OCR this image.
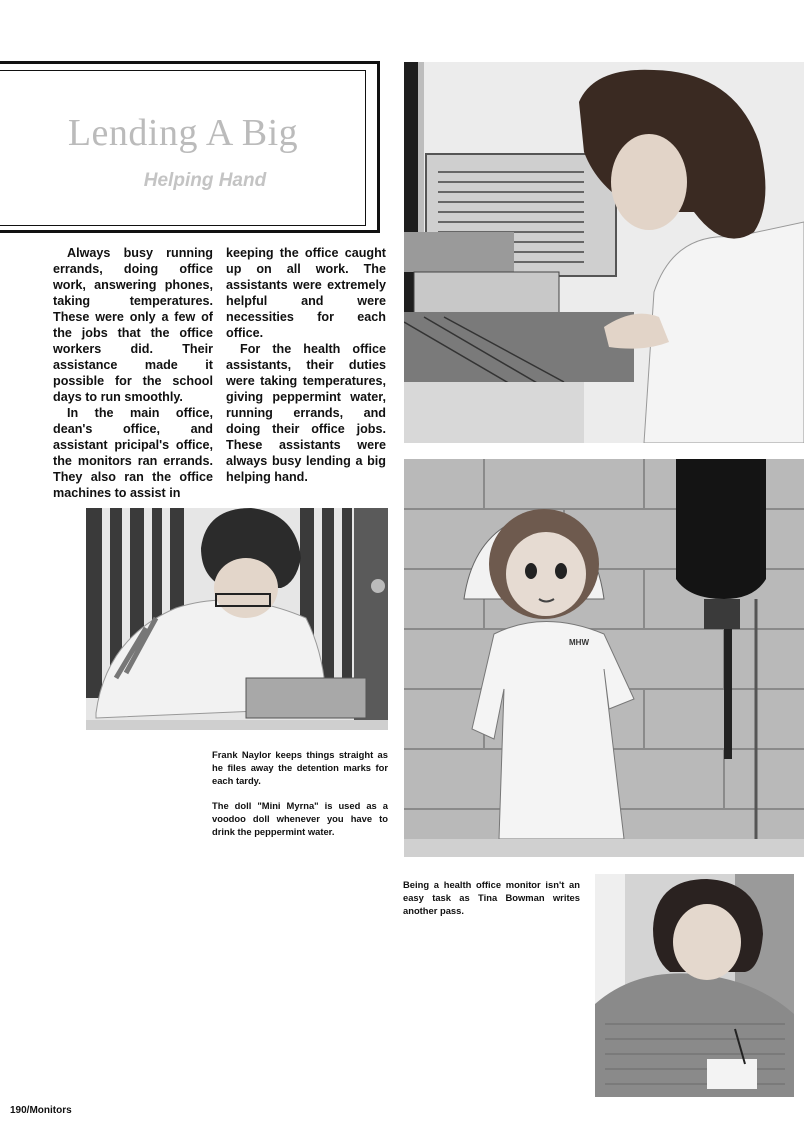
Lending A Big
Helping Hand

Always busy running errands, doing office work, answering phones, taking temperatures. These were only a few of the jobs that the office workers did. Their assistance made it possible for the school days to run smoothly.

In the main office, dean's office, and assistant pricipal's office, the monitors ran errands. They also ran the office machines to assist in

keeping the office caught up on all work. The assistants were extremely helpful and were necessities for each office.

For the health office assistants, their duties were taking temperatures, giving peppermint water, running errands, and doing their office jobs. These assistants were always busy lending a big helping hand.

Frank Naylor keeps things straight as he files away the detention marks for each tardy.

The doll "Mini Myrna" is used as a voodoo doll whenever you have to drink the peppermint water.

MHW

Being a health office monitor isn't an easy task as Tina Bowman writes another pass.

190/Monitors
